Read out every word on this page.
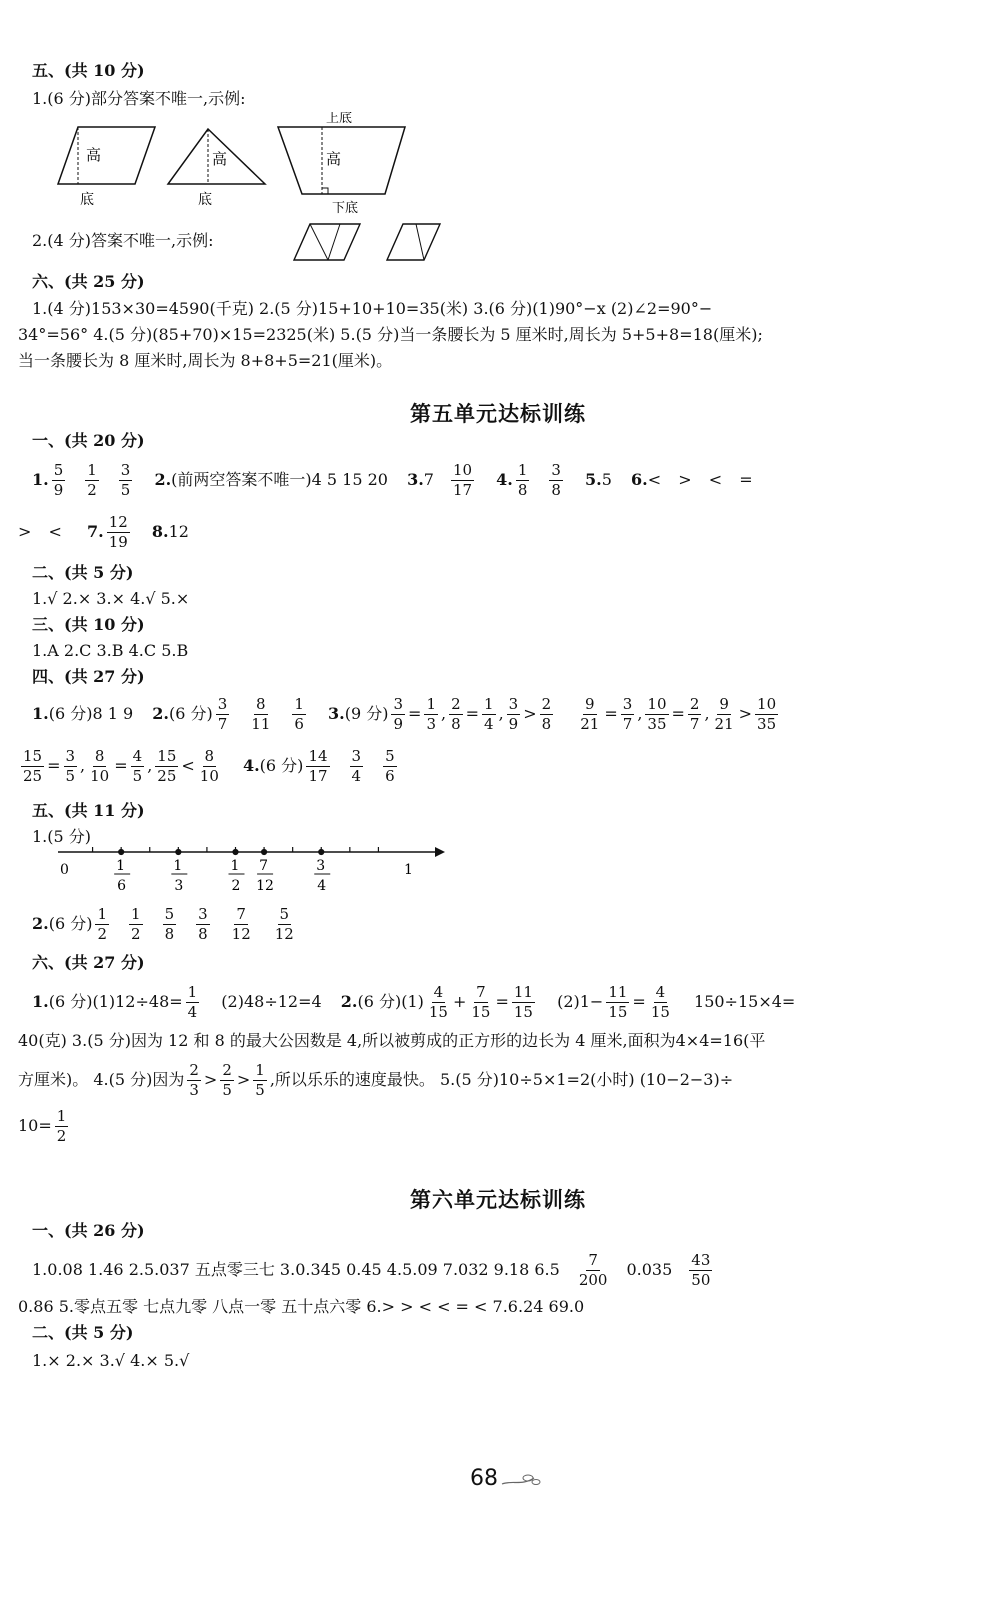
五、(共 10 分)
1.(6 分)部分答案不唯一,示例:
高
底
高
底
上底
高
下底
2.(4 分)答案不唯一,示例:
六、(共 25 分)
1.(4 分)153×30=4590(千克) 2.(5 分)15+10+10=35(米) 3.(6 分)(1)90°−x (2)∠2=90°−
34°=56° 4.(5 分)(85+70)×15=2325(米) 5.(5 分)当一条腰长为 5 厘米时,周长为 5+5+8=18(厘米);
当一条腰长为 8 厘米时,周长为 8+8+5=21(厘米)。
第五单元达标训练
一、(共 20 分)
1. $\frac{5}{9} \frac{1}{2} \frac{3}{5} 2$.(前两空答案不唯一)4 5 15 20 $3.7 \frac{10}{17} 4$. $\frac{1}{8} \frac{3}{8} 5.5$ 6.< > < =
> < 7. $\frac{12}{19} 8.12$
二、(共 5 分)
1.√ 2.× 3.× 4.√ 5.×
三、(共 10 分)
1.A 2.C 3.B 4.C 5.B
四、(共 27 分)
1.(6 分)8 1 9 2.(6 分) $\frac{3}{7} \frac{8}{11} \frac{1}{6} 3.(9$ 分) $\frac{3}{9} = \frac{1}{3}$ , $\frac{2}{8} = \frac{1}{4}$ , $\frac{3}{9} > \frac{2}{8}$
$\frac{9}{21} = \frac{3}{7}$ , $\frac{10}{35} = \frac{2}{7}$ , $\frac{9}{21} > \frac{10}{35}$
$\frac{15}{25} = \frac{3}{5}$ , $\frac{8}{10} = \frac{4}{5}$ , $\frac{15}{25} < \frac{8}{10} 4.(6$ 分) $\frac{14}{17} \frac{3}{4} \frac{5}{6}$
五、(共 11 分)
1.(5 分)
0	1
1
6
1
3
1
2
7
12
3
4
2.(6 分) $\frac{1}{2} \frac{1}{2} \frac{5}{8} \frac{3}{8} \frac{7}{12} \frac{5}{12}$
六、(共 27 分)
1.(6 分)$(1)12\div 48= \frac{1}{4} (2)48\div 12=4$ 2.(6 分)$(1) \frac{4}{15} + \frac{7}{15} = \frac{11}{15} (2)1- \frac{11}{15} = \frac{4}{15} 150\div 15\times 4=$
40(克) 3.(5 分)因为 12 和 8 的最大公因数是 4,所以被剪成的正方形的边长为 4 厘米,面积为4×4=16(平
方厘米)。 4.(5 分)因为 $\frac{2}{3} > \frac{2}{5} > \frac{1}{5}$ ,所以乐乐的速度最快。 5.(5 分)10÷5×1=2(小时) (10−2−3)÷
$10= \frac{1}{2}$
第六单元达标训练
一、(共 26 分)
1.0.08 1.46 2.5.037 五点零三七 3.0.345 0.45 4.5.09 7.032 9.18 $6.5 \frac{7}{200} 0.035 \frac{43}{50}$
0.86 5.零点五零 七点九零 八点一零 五十点六零 6.> > < < = < 7.6.24 69.0
二、(共 5 分)
1.× 2.× 3.√ 4.× 5.√
68
